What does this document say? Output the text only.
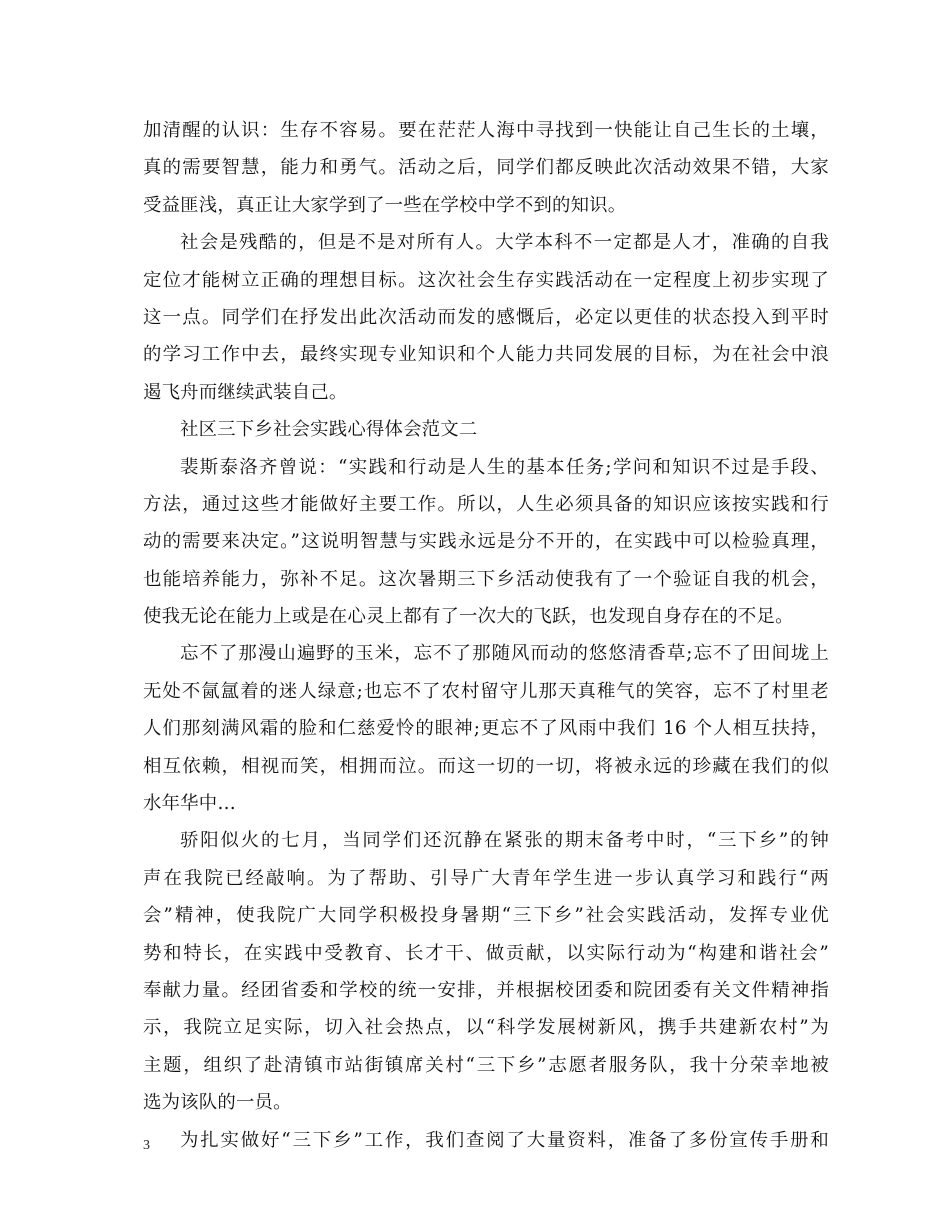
加清醒的认识：生存不容易。要在茫茫人海中寻找到一快能让自己生长的土壤，
真的需要智慧，能力和勇气。活动之后，同学们都反映此次活动效果不错，大家
受益匪浅，真正让大家学到了一些在学校中学不到的知识。
社会是残酷的，但是不是对所有人。大学本科不一定都是人才，准确的自我
定位才能树立正确的理想目标。这次社会生存实践活动在一定程度上初步实现了
这一点。同学们在抒发出此次活动而发的感慨后，必定以更佳的状态投入到平时
的学习工作中去，最终实现专业知识和个人能力共同发展的目标，为在社会中浪
遏飞舟而继续武装自己。
社区三下乡社会实践心得体会范文二
裴斯泰洛齐曾说：“实践和行动是人生的基本任务;学问和知识不过是手段、
方法，通过这些才能做好主要工作。所以，人生必须具备的知识应该按实践和行
动的需要来决定。”这说明智慧与实践永远是分不开的，在实践中可以检验真理，
也能培养能力，弥补不足。这次暑期三下乡活动使我有了一个验证自我的机会，
使我无论在能力上或是在心灵上都有了一次大的飞跃，也发现自身存在的不足。
忘不了那漫山遍野的玉米，忘不了那随风而动的悠悠清香草;忘不了田间垅上
无处不氤氲着的迷人绿意;也忘不了农村留守儿那天真稚气的笑容，忘不了村里老
人们那刻满风霜的脸和仁慈爱怜的眼神;更忘不了风雨中我们 16 个人相互扶持，
相互依赖，相视而笑，相拥而泣。而这一切的一切，将被永远的珍藏在我们的似
水年华中…
骄阳似火的七月，当同学们还沉静在紧张的期末备考中时，“三下乡”的钟
声在我院已经敲响。为了帮助、引导广大青年学生进一步认真学习和践行“两
会”精神，使我院广大同学积极投身暑期“三下乡”社会实践活动，发挥专业优
势和特长，在实践中受教育、长才干、做贡献，以实际行动为“构建和谐社会”
奉献力量。经团省委和学校的统一安排，并根据校团委和院团委有关文件精神指
示，我院立足实际，切入社会热点，以“科学发展树新风，携手共建新农村”为
主题，组织了赴清镇市站街镇席关村“三下乡”志愿者服务队，我十分荣幸地被
选为该队的一员。
为扎实做好“三下乡”工作，我们查阅了大量资料，准备了多份宣传手册和
3
